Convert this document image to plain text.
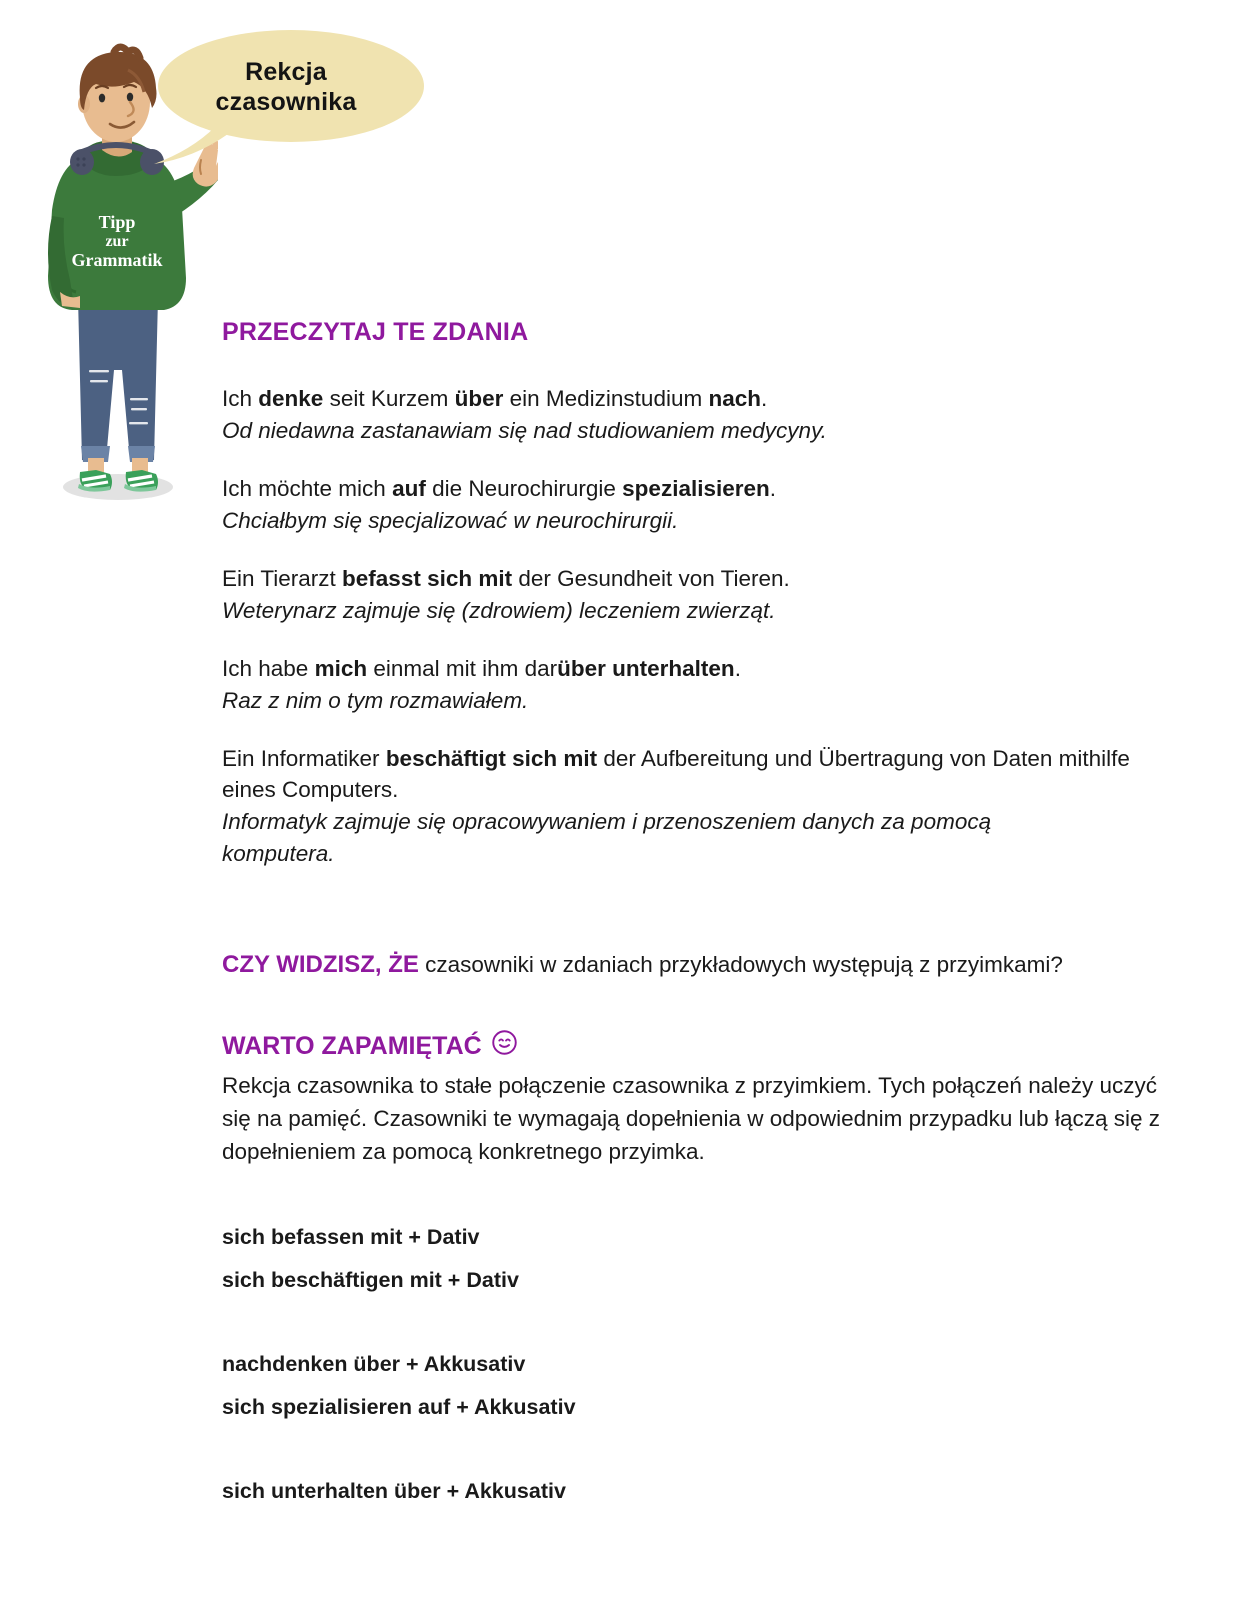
Tipp
zur
Grammatik
Rekcja
czasownika
PRZECZYTAJ TE ZDANIA
Ich denke seit Kurzem über ein Medizinstudium nach.
Od niedawna zastanawiam się nad studiowaniem medycyny.
Ich möchte mich auf die Neurochirurgie spezialisieren.
Chciałbym się specjalizować w neurochirurgii.
Ein Tierarzt befasst sich mit der Gesundheit von Tieren.
Weterynarz zajmuje się (zdrowiem) leczeniem zwierząt.
Ich habe mich einmal mit ihm darüber unterhalten.
Raz z nim o tym rozmawiałem.
Ein Informatiker beschäftigt sich mit der Aufbereitung und Übertragung von Daten mithilfe eines Computers.
Informatyk zajmuje się opracowywaniem i przenoszeniem danych za pomocą komputera.
CZY WIDZISZ, ŻE czasowniki w zdaniach przykładowych występują z przyimkami?
WARTO ZAPAMIĘTAĆ

Rekcja czasownika to stałe połączenie czasownika z przyimkiem. Tych połączeń należy uczyć się na pamięć. Czasowniki te wymagają dopełnienia w odpowiednim przypadku lub łączą się z dopełnieniem za pomocą konkretnego przyimka.

sich befassen mit + Dativ
sich beschäftigen mit + Dativ
nachdenken über + Akkusativ
sich spezialisieren auf + Akkusativ
sich unterhalten über + Akkusativ
